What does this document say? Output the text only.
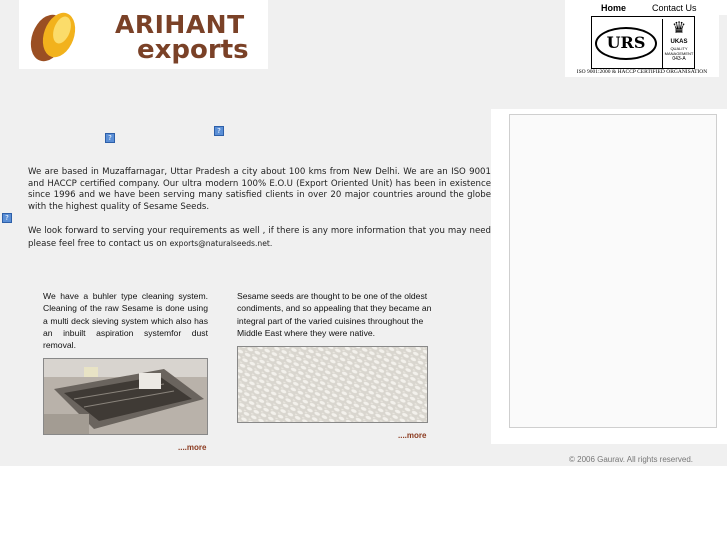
ARIHANT
exports
Home	Contact Us
URS
♛
UKAS
QUALITY MANAGEMENT
043-A
ISO 9001:2000 & HACCP CERTIFIED ORGANISATION
?
?
?
We are based in Muzaffarnagar, Uttar Pradesh a city about 100 kms from New Delhi. We are an ISO 9001 and HACCP certified company. Our ultra modern 100% E.O.U (Export Oriented Unit) has been in existence since 1996 and we have been serving many satisfied clients in over 20 major countries around the globe with the highest quality of Sesame Seeds.
We look forward to serving your requirements as well , if there is any more information that you may need please feel free to contact us on exports@naturalseeds.net.
We have a buhler type cleaning system. Cleaning of the raw Sesame is done using a multi deck sieving system which also has an inbuilt aspiration systemfor dust removal.
....more
Sesame seeds are thought to be one of the oldest condiments, and so appealing that they became an integral part of the varied cuisines throughout the Middle East where they were native.
....more
© 2006 Gaurav. All rights reserved.
